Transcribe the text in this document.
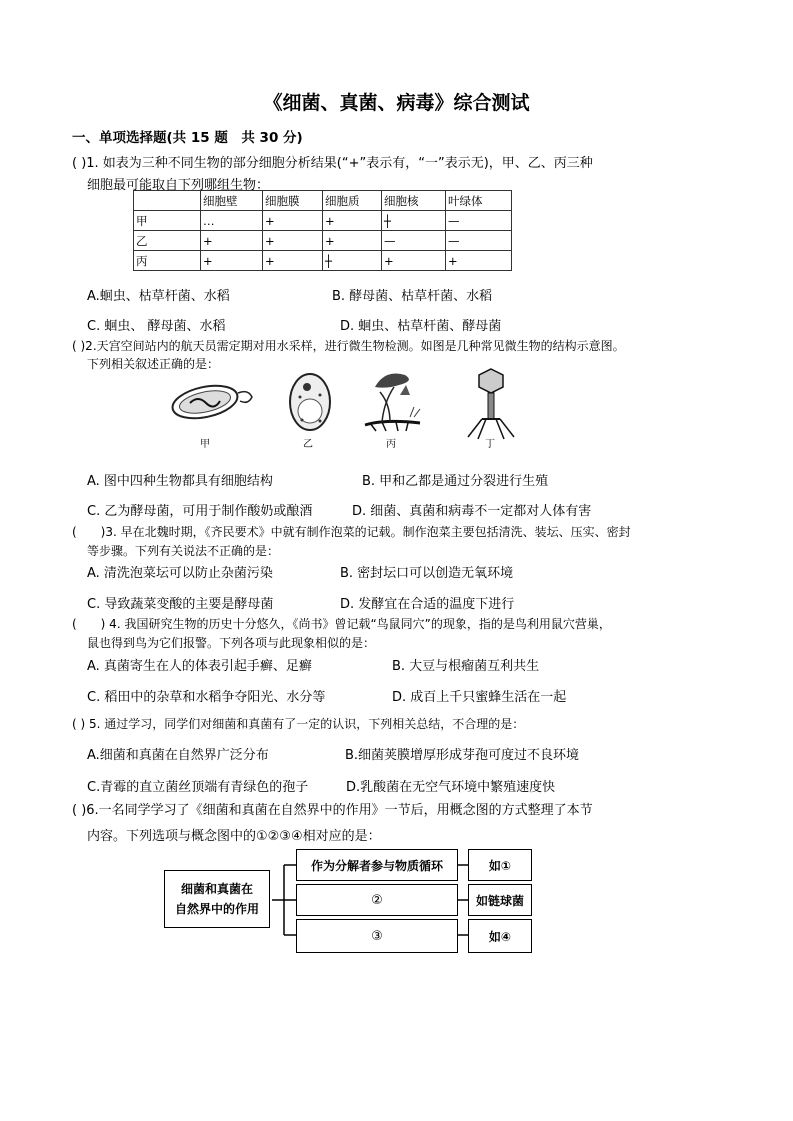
《细菌、真菌、病毒》综合测试
一、单项选择题(共 15 题　共 30 分)
( )1. 如表为三种不同生物的部分细胞分析结果(“+”表示有，“一”表示无)，甲、乙、丙三种
细胞最可能取自下列哪组生物：
	细胞壁	细胞膜	细胞质	细胞核	叶绿体
甲	…	+	+	┼	—
乙	+	+	+	—	—
丙	+	+	┼	+	+
A.蛔虫、枯草杆菌、水稻	B. 酵母菌、枯草杆菌、水稻
C. 蛔虫、 酵母菌、水稻	D. 蛔虫、枯草杆菌、酵母菌
( )2.天宫空间站内的航天员需定期对用水采样，进行微生物检测。如图是几种常见微生物的结构示意图。
下列相关叙述正确的是：
甲	乙	丙	丁
A. 图中四种生物都具有细胞结构	B. 甲和乙都是通过分裂进行生殖
C. 乙为酵母菌，可用于制作酸奶或酿酒	D. 细菌、真菌和病毒不一定都对人体有害
(　　)3. 早在北魏时期，《齐民要术》中就有制作泡菜的记载。制作泡菜主要包括清洗、装坛、压实、密封
等步骤。下列有关说法不正确的是：
A. 清洗泡菜坛可以防止杂菌污染	B. 密封坛口可以创造无氧环境
C. 导致蔬菜变酸的主要是酵母菌	D. 发酵宜在合适的温度下进行
(　　) 4. 我国研究生物的历史十分悠久，《尚书》曾记载“鸟鼠同穴”的现象，指的是鸟利用鼠穴营巢，
鼠也得到鸟为它们报警。下列各项与此现象相似的是：
A. 真菌寄生在人的体表引起手癣、足癣	B. 大豆与根瘤菌互利共生
C. 稻田中的杂草和水稻争夺阳光、水分等	D. 成百上千只蜜蜂生活在一起
( ) 5. 通过学习，同学们对细菌和真菌有了一定的认识，下列相关总结，不合理的是：
A.细菌和真菌在自然界广泛分布	B.细菌荚膜增厚形成芽孢可度过不良环境
C.青霉的直立菌丝顶端有青绿色的孢子	D.乳酸菌在无空气环境中繁殖速度快
( )6.一名同学学习了《细菌和真菌在自然界中的作用》一节后，用概念图的方式整理了本节
内容。下列选项与概念图中的①②③④相对应的是：
细菌和真菌在
自然界中的作用
作为分解者参与物质循环
②
③
如①
如链球菌
如④
